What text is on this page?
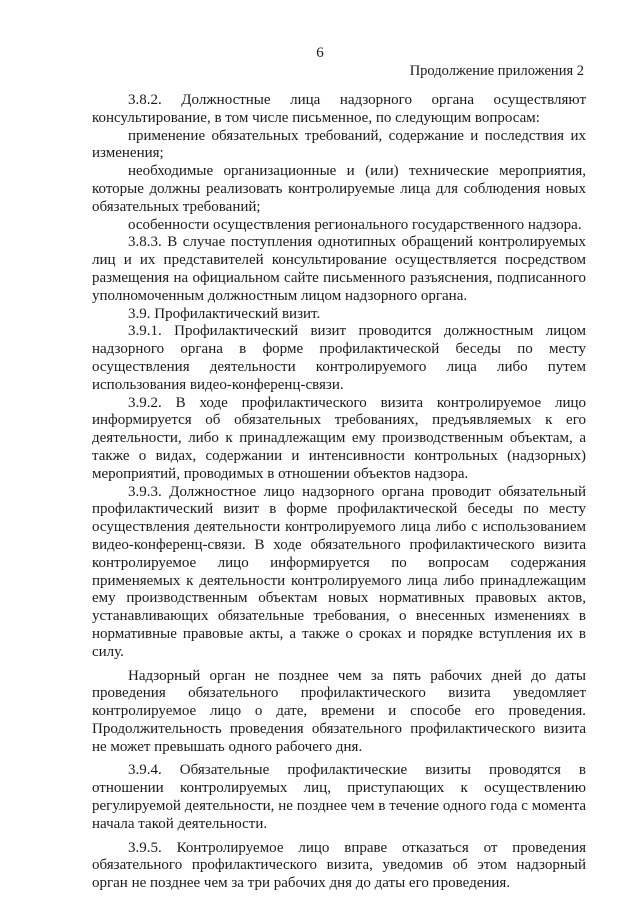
6
Продолжение приложения 2

3.8.2. Должностные лица надзорного органа осуществляют консультирование, в том числе письменное, по следующим вопросам:

применение обязательных требований, содержание и последствия их изменения;

необходимые организационные и (или) технические мероприятия, которые должны реализовать контролируемые лица для соблюдения новых обязательных требований;

особенности осуществления регионального государственного надзора.

3.8.3. В случае поступления однотипных обращений контролируемых лиц и их представителей консультирование осуществляется посредством размещения на официальном сайте письменного разъяснения, подписанного уполномоченным должностным лицом надзорного органа.

3.9. Профилактический визит.

3.9.1. Профилактический визит проводится должностным лицом надзорного органа в форме профилактической беседы по месту осуществления деятельности контролируемого лица либо путем использования видео-конференц-связи.

3.9.2. В ходе профилактического визита контролируемое лицо информируется об обязательных требованиях, предъявляемых к его деятельности, либо к принадлежащим ему производственным объектам, а также о видах, содержании и интенсивности контрольных (надзорных) мероприятий, проводимых в отношении объектов надзора.

3.9.3. Должностное лицо надзорного органа проводит обязательный профилактический визит в форме профилактической беседы по месту осуществления деятельности контролируемого лица либо с использованием видео-конференц-связи. В ходе обязательного профилактического визита контролируемое лицо информируется по вопросам содержания применяемых к деятельности контролируемого лица либо принадлежащим ему производственным объектам новых нормативных правовых актов, устанавливающих обязательные требования, о внесенных изменениях в нормативные правовые акты, а также о сроках и порядке вступления их в силу.

Надзорный орган не позднее чем за пять рабочих дней до даты проведения обязательного профилактического визита уведомляет контролируемое лицо о дате, времени и способе его проведения. Продолжительность проведения обязательного профилактического визита не может превышать одного рабочего дня.

3.9.4. Обязательные профилактические визиты проводятся в отношении контролируемых лиц, приступающих к осуществлению регулируемой деятельности, не позднее чем в течение одного года с момента начала такой деятельности.

3.9.5. Контролируемое лицо вправе отказаться от проведения обязательного профилактического визита, уведомив об этом надзорный орган не позднее чем за три рабочих дня до даты его проведения.
